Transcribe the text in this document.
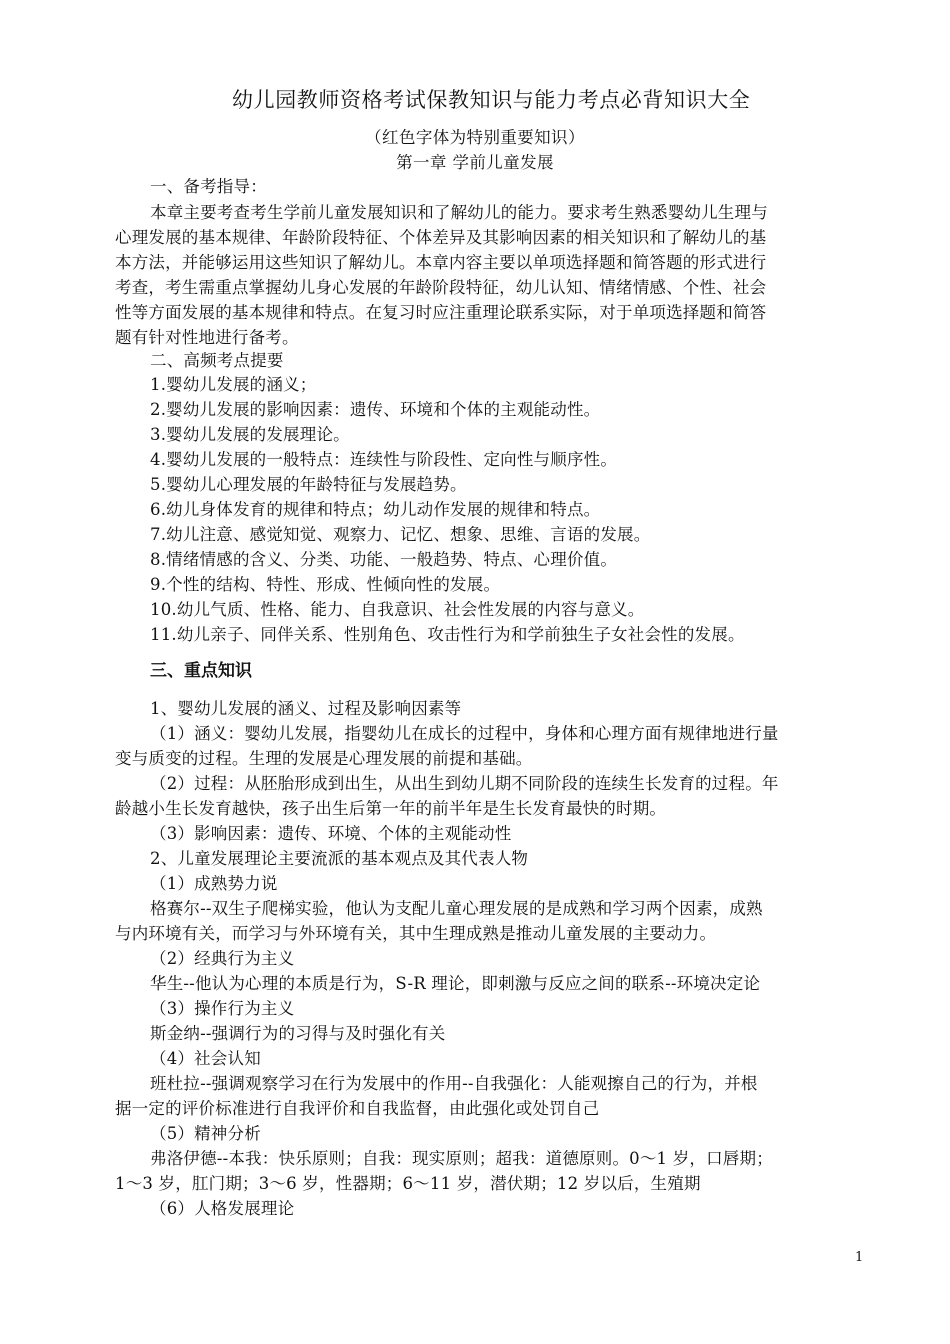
幼儿园教师资格考试保教知识与能力考点必背知识大全
（红色字体为特别重要知识）
第一章 学前儿童发展
一、备考指导：
本章主要考查考生学前儿童发展知识和了解幼儿的能力。要求考生熟悉婴幼儿生理与
心理发展的基本规律、年龄阶段特征、个体差异及其影响因素的相关知识和了解幼儿的基
本方法，并能够运用这些知识了解幼儿。本章内容主要以单项选择题和简答题的形式进行
考查，考生需重点掌握幼儿身心发展的年龄阶段特征，幼儿认知、情绪情感、个性、社会
性等方面发展的基本规律和特点。在复习时应注重理论联系实际，对于单项选择题和简答
题有针对性地进行备考。
二、高频考点提要
1.婴幼儿发展的涵义；
2.婴幼儿发展的影响因素：遗传、环境和个体的主观能动性。
3.婴幼儿发展的发展理论。
4.婴幼儿发展的一般特点：连续性与阶段性、定向性与顺序性。
5.婴幼儿心理发展的年龄特征与发展趋势。
6.幼儿身体发育的规律和特点；幼儿动作发展的规律和特点。
7.幼儿注意、感觉知觉、观察力、记忆、想象、思维、言语的发展。
8.情绪情感的含义、分类、功能、一般趋势、特点、心理价值。
9.个性的结构、特性、形成、性倾向性的发展。
10.幼儿气质、性格、能力、自我意识、社会性发展的内容与意义。
11.幼儿亲子、同伴关系、性别角色、攻击性行为和学前独生子女社会性的发展。
三、重点知识
1、婴幼儿发展的涵义、过程及影响因素等
（1）涵义：婴幼儿发展，指婴幼儿在成长的过程中，身体和心理方面有规律地进行量
变与质变的过程。生理的发展是心理发展的前提和基础。
（2）过程：从胚胎形成到出生，从出生到幼儿期不同阶段的连续生长发育的过程。年
龄越小生长发育越快，孩子出生后第一年的前半年是生长发育最快的时期。
（3）影响因素：遗传、环境、个体的主观能动性
2、儿童发展理论主要流派的基本观点及其代表人物
（1）成熟势力说
格赛尔--双生子爬梯实验，他认为支配儿童心理发展的是成熟和学习两个因素，成熟
与内环境有关，而学习与外环境有关，其中生理成熟是推动儿童发展的主要动力。
（2）经典行为主义
华生--他认为心理的本质是行为，S-R 理论，即刺激与反应之间的联系--环境决定论
（3）操作行为主义
斯金纳--强调行为的习得与及时强化有关
（4）社会认知
班杜拉--强调观察学习在行为发展中的作用--自我强化：人能观擦自己的行为，并根
据一定的评价标准进行自我评价和自我监督，由此强化或处罚自己
（5）精神分析
弗洛伊德--本我：快乐原则；自我：现实原则；超我：道德原则。0～1 岁，口唇期；
1～3 岁，肛门期；3～6 岁，性器期；6～11 岁，潜伏期；12 岁以后，生殖期
（6）人格发展理论
1
